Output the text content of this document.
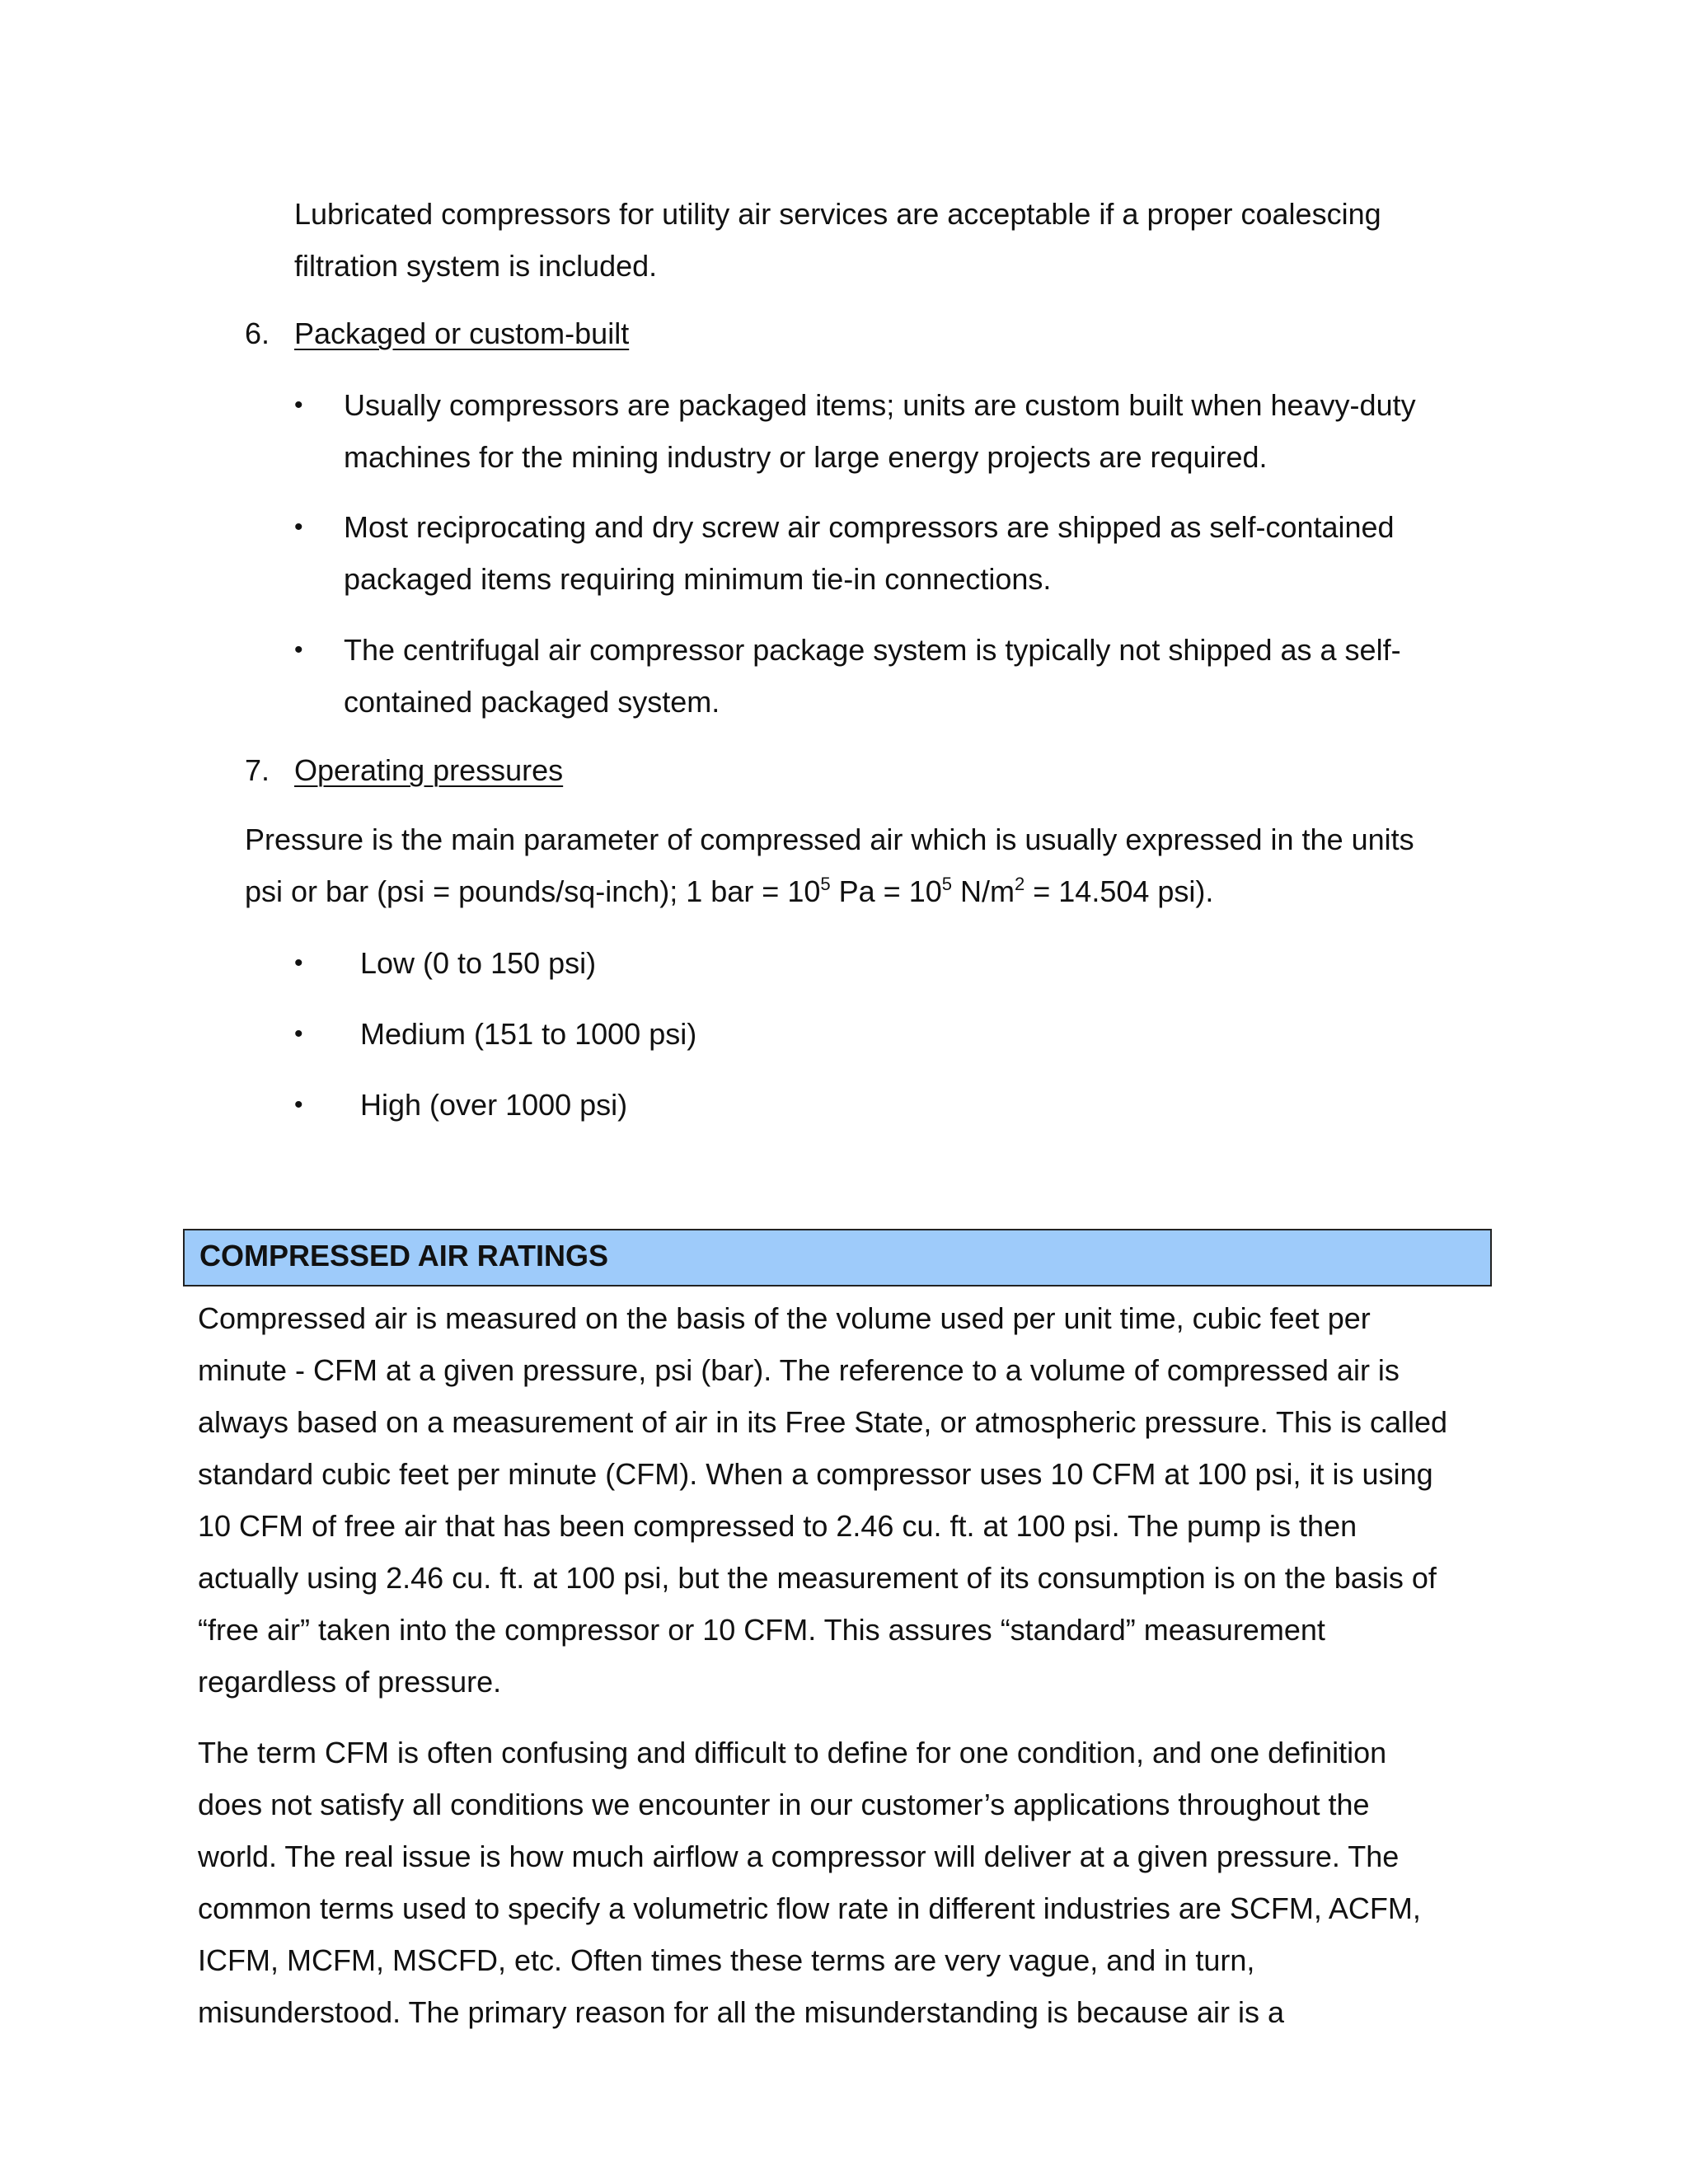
Lubricated compressors for utility air services are acceptable if a proper coalescing
filtration system is included.
6. Packaged or custom-built
• Usually compressors are packaged items; units are custom built when heavy-duty
machines for the mining industry or large energy projects are required.
• Most reciprocating and dry screw air compressors are shipped as self-contained
packaged items requiring minimum tie-in connections.
• The centrifugal air compressor package system is typically not shipped as a self-
contained packaged system.
7. Operating pressures
Pressure is the main parameter of compressed air which is usually expressed in the units
psi or bar (psi = pounds/sq-inch); 1 bar = $10^5$ $Pa = 10^5$ $N/m^2 = 14.504$ psi).
• Low (0 to 150 psi)
• Medium (151 to 1000 psi)
• High (over 1000 psi)
COMPRESSED AIR RATINGS
Compressed air is measured on the basis of the volume used per unit time, cubic feet per
minute - CFM at a given pressure, psi (bar). The reference to a volume of compressed air is
always based on a measurement of air in its Free State, or atmospheric pressure. This is called
standard cubic feet per minute (CFM). When a compressor uses 10 CFM at 100 psi, it is using
10 CFM of free air that has been compressed to 2.46 cu. ft. at 100 psi. The pump is then
actually using 2.46 cu. ft. at 100 psi, but the measurement of its consumption is on the basis of
“free air” taken into the compressor or 10 CFM. This assures “standard” measurement
regardless of pressure.
The term CFM is often confusing and difficult to define for one condition, and one definition
does not satisfy all conditions we encounter in our customer’s applications throughout the
world. The real issue is how much airflow a compressor will deliver at a given pressure. The
common terms used to specify a volumetric flow rate in different industries are SCFM, ACFM,
ICFM, MCFM, MSCFD, etc. Often times these terms are very vague, and in turn,
misunderstood. The primary reason for all the misunderstanding is because air is a
